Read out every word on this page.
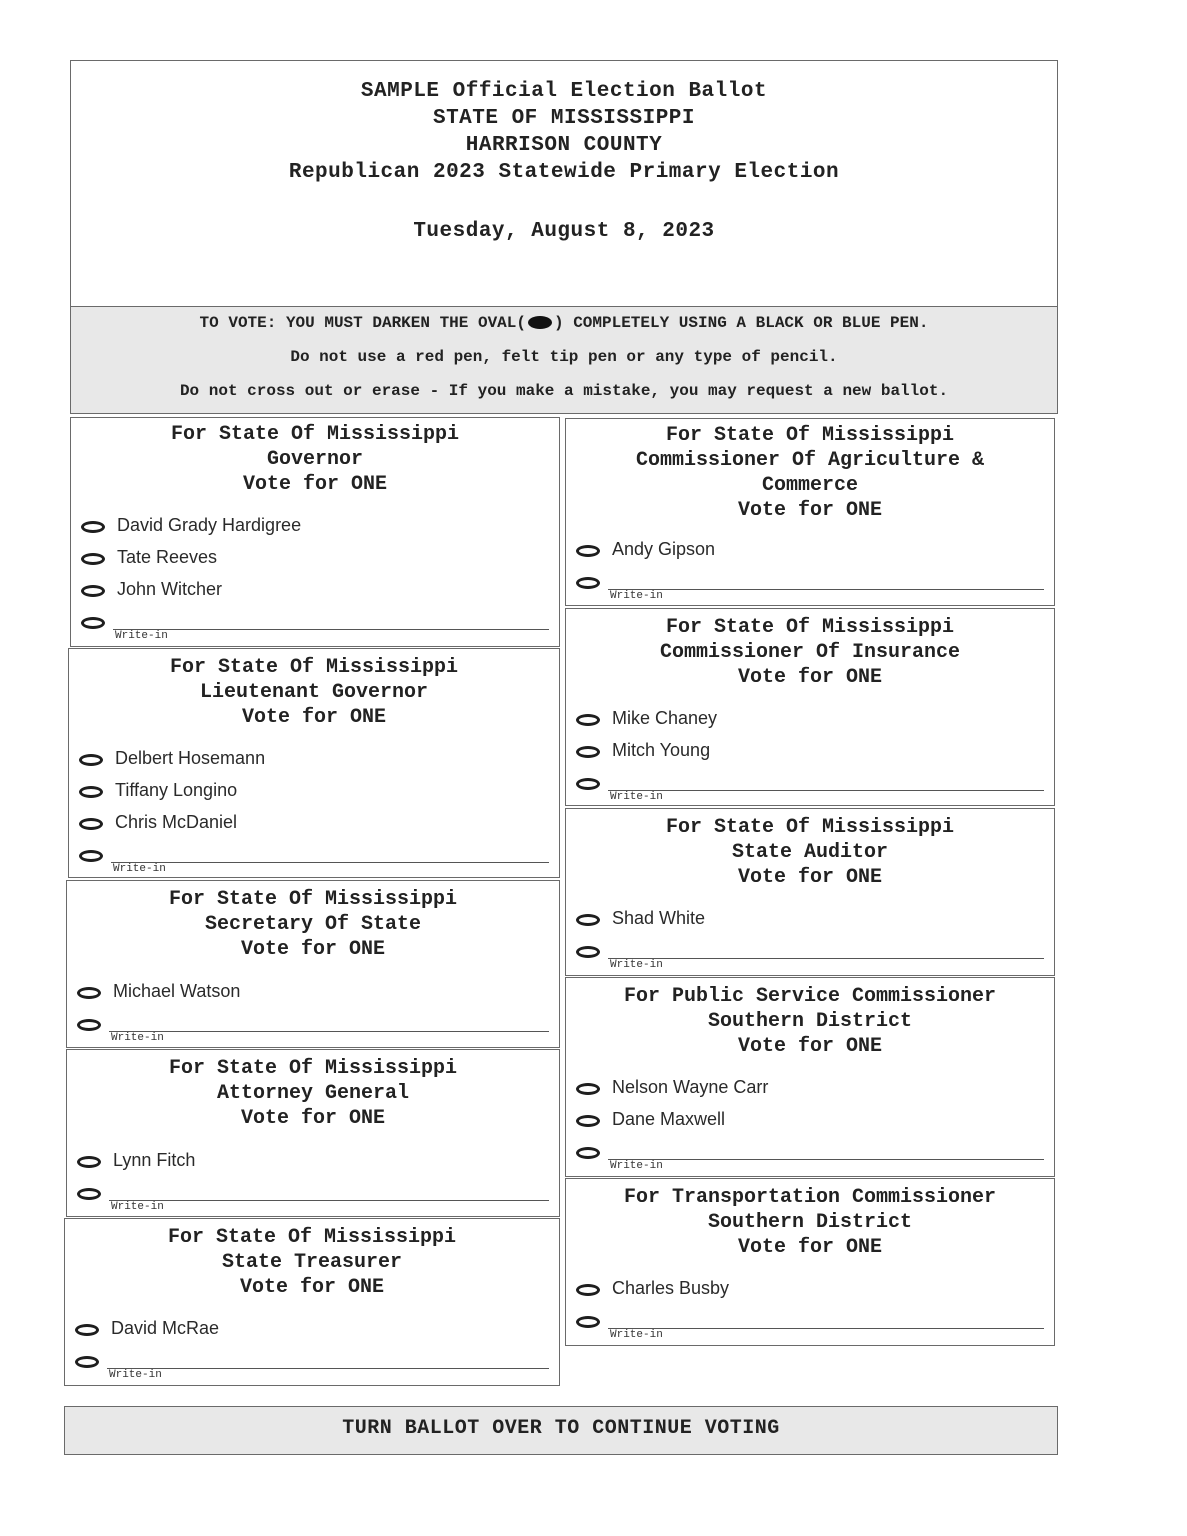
SAMPLE Official Election Ballot
STATE OF MISSISSIPPI
HARRISON COUNTY
Republican 2023 Statewide Primary Election
Tuesday, August 8, 2023
TO VOTE: YOU MUST DARKEN THE OVAL( ) COMPLETELY USING A BLACK OR BLUE PEN.
Do not use a red pen, felt tip pen or any type of pencil.
Do not cross out or erase - If you make a mistake, you may request a new ballot.
For State Of Mississippi
Governor
Vote for ONE
David Grady Hardigree
Tate Reeves
John Witcher
Write-in
For State Of Mississippi
Lieutenant Governor
Vote for ONE
Delbert Hosemann
Tiffany Longino
Chris McDaniel
Write-in
For State Of Mississippi
Secretary Of State
Vote for ONE
Michael Watson
Write-in
For State Of Mississippi
Attorney General
Vote for ONE
Lynn Fitch
Write-in
For State Of Mississippi
State Treasurer
Vote for ONE
David McRae
Write-in
For State Of Mississippi
Commissioner Of Agriculture &
Commerce
Vote for ONE
Andy Gipson
Write-in
For State Of Mississippi
Commissioner Of Insurance
Vote for ONE
Mike Chaney
Mitch Young
Write-in
For State Of Mississippi
State Auditor
Vote for ONE
Shad White
Write-in
For Public Service Commissioner
Southern District
Vote for ONE
Nelson Wayne Carr
Dane Maxwell
Write-in
For Transportation Commissioner
Southern District
Vote for ONE
Charles Busby
Write-in
TURN BALLOT OVER TO CONTINUE VOTING
